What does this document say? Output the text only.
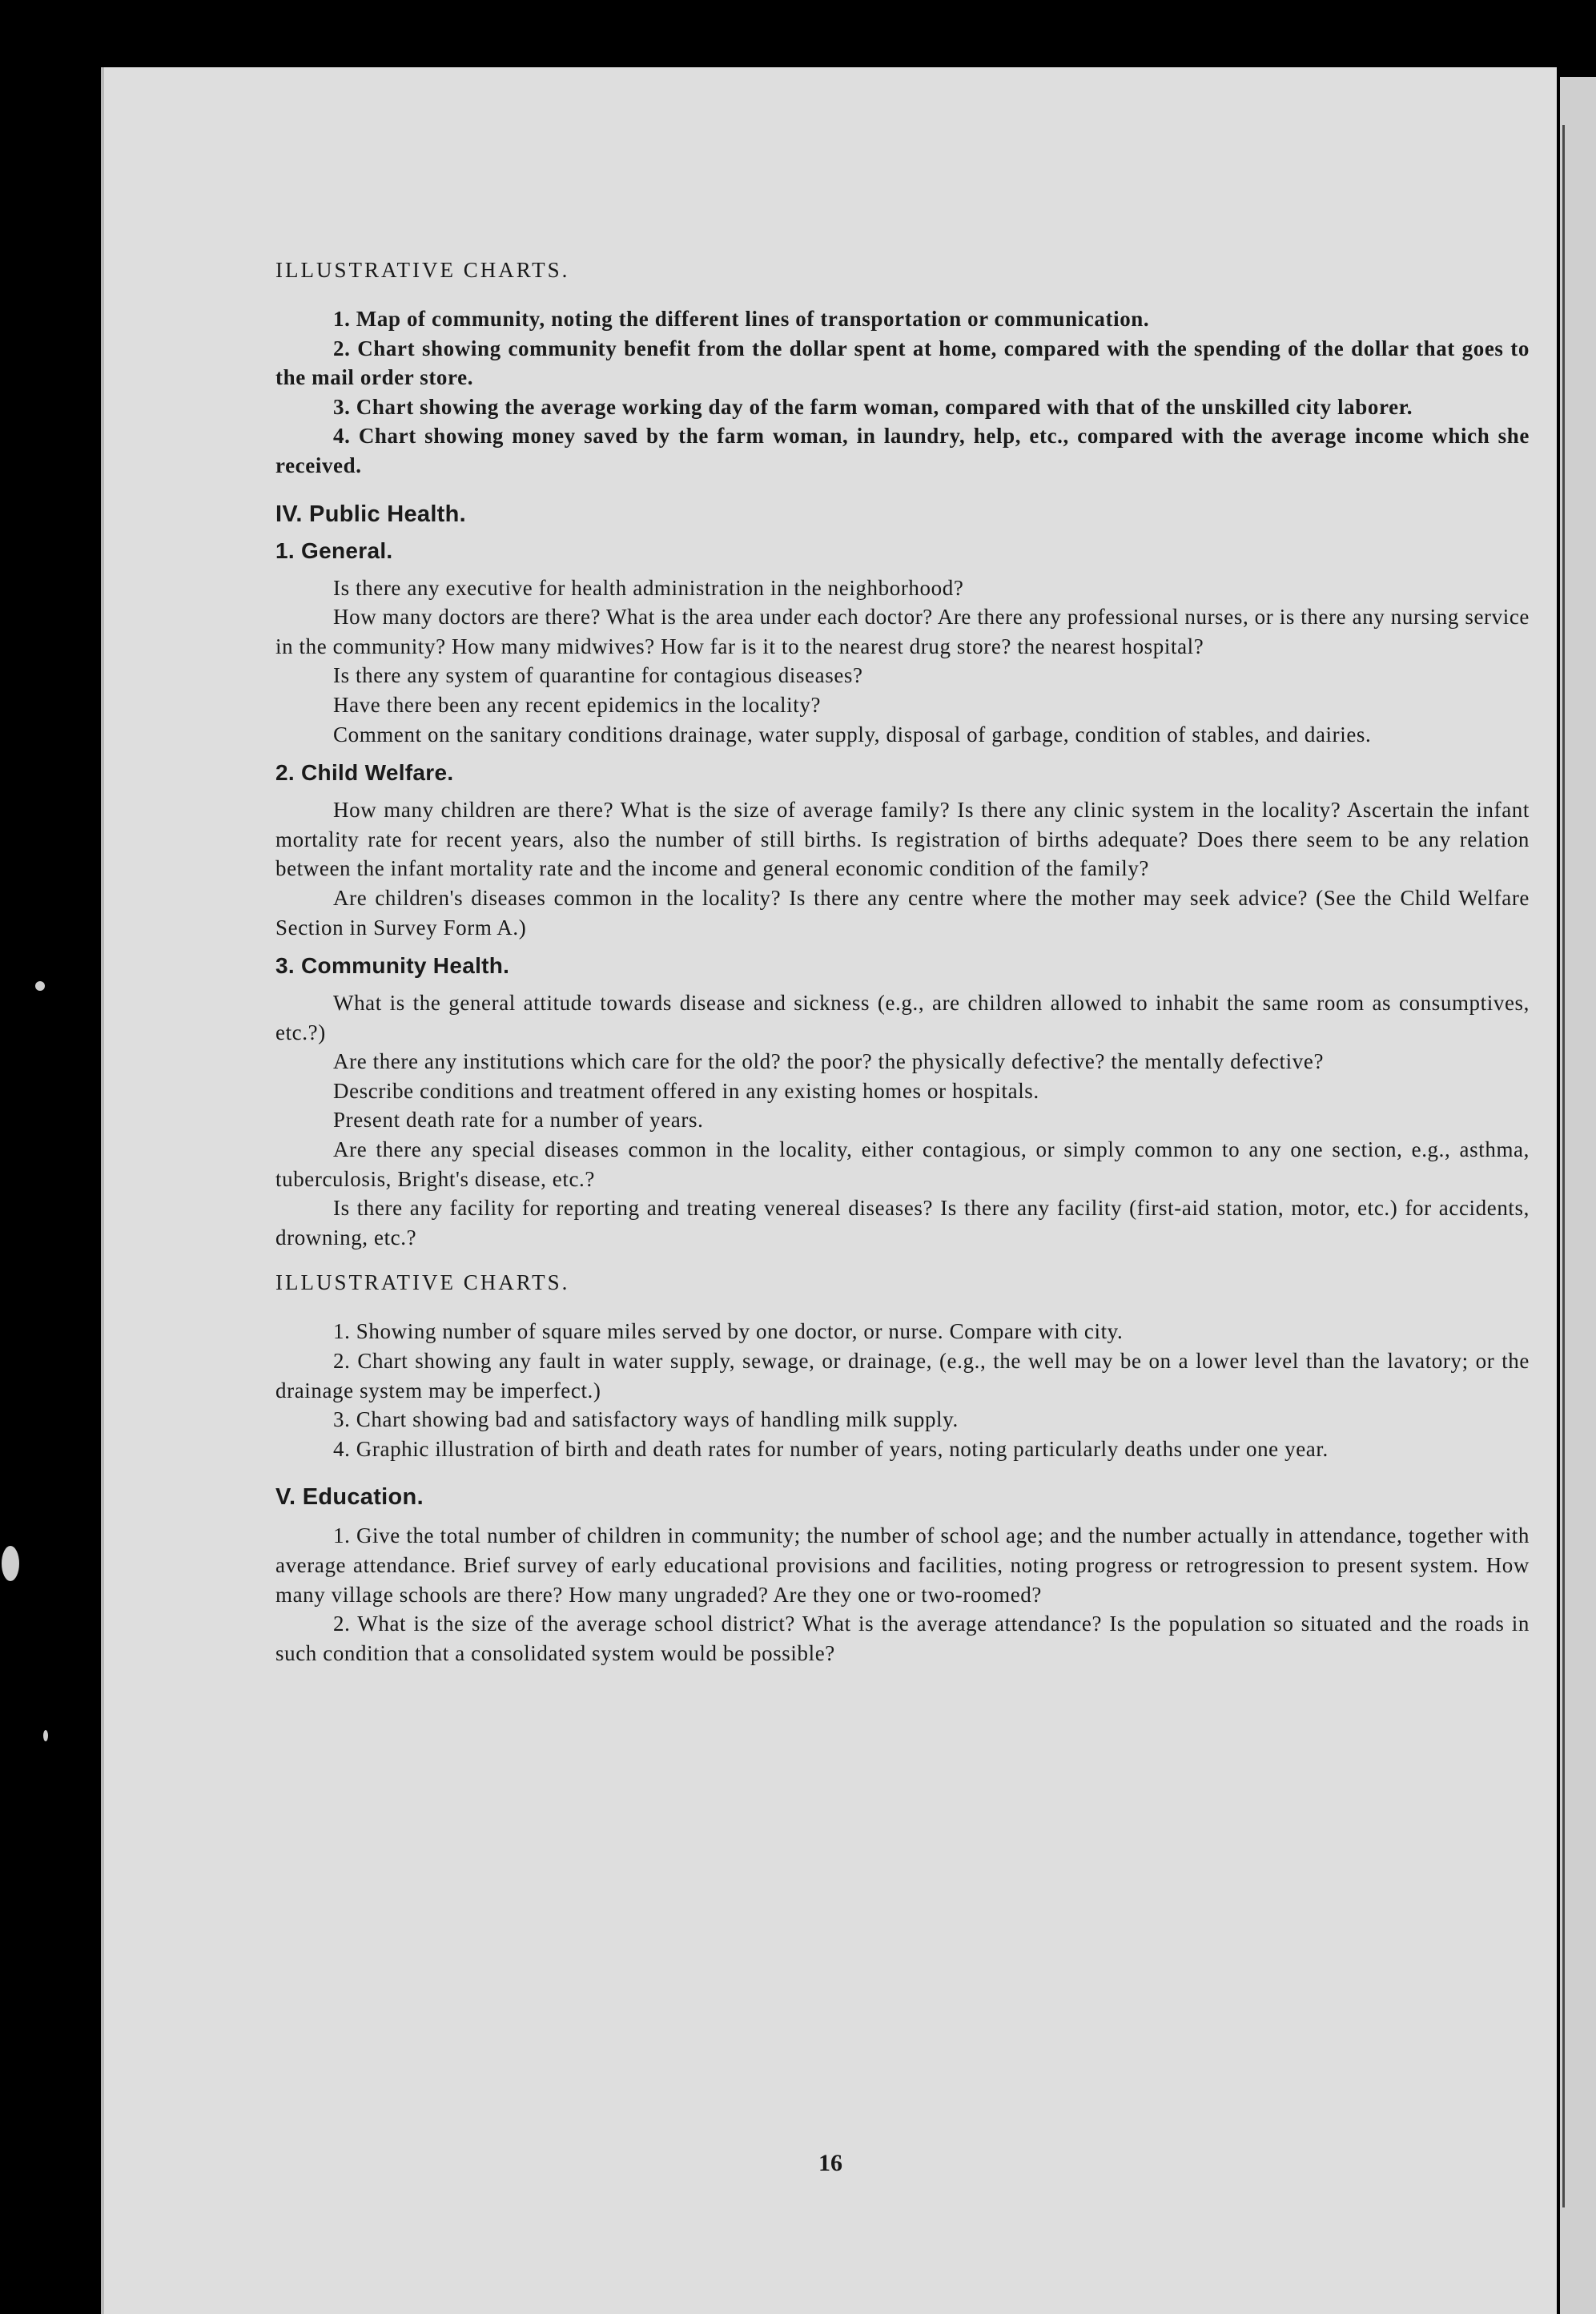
ILLUSTRATIVE CHARTS.

1. Map of community, noting the different lines of transportation or communication.

2. Chart showing community benefit from the dollar spent at home, compared with the spending of the dollar that goes to the mail order store.

3. Chart showing the average working day of the farm woman, compared with that of the unskilled city laborer.

4. Chart showing money saved by the farm woman, in laundry, help, etc., compared with the average income which she received.

IV. Public Health.
1. General.

Is there any executive for health administration in the neighborhood?

How many doctors are there? What is the area under each doctor? Are there any professional nurses, or is there any nursing service in the community? How many midwives? How far is it to the nearest drug store? the nearest hospital?

Is there any system of quarantine for contagious diseases?

Have there been any recent epidemics in the locality?

Comment on the sanitary conditions drainage, water supply, disposal of garbage, condition of stables, and dairies.

2. Child Welfare.

How many children are there? What is the size of average family? Is there any clinic system in the locality? Ascertain the infant mortality rate for recent years, also the number of still births. Is registration of births adequate? Does there seem to be any relation between the infant mortality rate and the income and general economic condition of the family?

Are children's diseases common in the locality? Is there any centre where the mother may seek advice? (See the Child Welfare Section in Survey Form A.)

3. Community Health.

What is the general attitude towards disease and sickness (e.g., are children allowed to inhabit the same room as consumptives, etc.?)

Are there any institutions which care for the old? the poor? the physically defective? the mentally defective?

Describe conditions and treatment offered in any existing homes or hospitals.

Present death rate for a number of years.

Are there any special diseases common in the locality, either contagious, or simply common to any one section, e.g., asthma, tuberculosis, Bright's disease, etc.?

Is there any facility for reporting and treating venereal diseases? Is there any facility (first-aid station, motor, etc.) for accidents, drowning, etc.?

ILLUSTRATIVE CHARTS.

1. Showing number of square miles served by one doctor, or nurse. Compare with city.

2. Chart showing any fault in water supply, sewage, or drainage, (e.g., the well may be on a lower level than the lavatory; or the drainage system may be imperfect.)

3. Chart showing bad and satisfactory ways of handling milk supply.

4. Graphic illustration of birth and death rates for number of years, noting particularly deaths under one year.

V. Education.

1. Give the total number of children in community; the number of school age; and the number actually in attendance, together with average attendance. Brief survey of early educational provisions and facilities, noting progress or retrogression to present system. How many village schools are there? How many ungraded? Are they one or two-roomed?

2. What is the size of the average school district? What is the average attendance? Is the population so situated and the roads in such condition that a consolidated system would be possible?

16
